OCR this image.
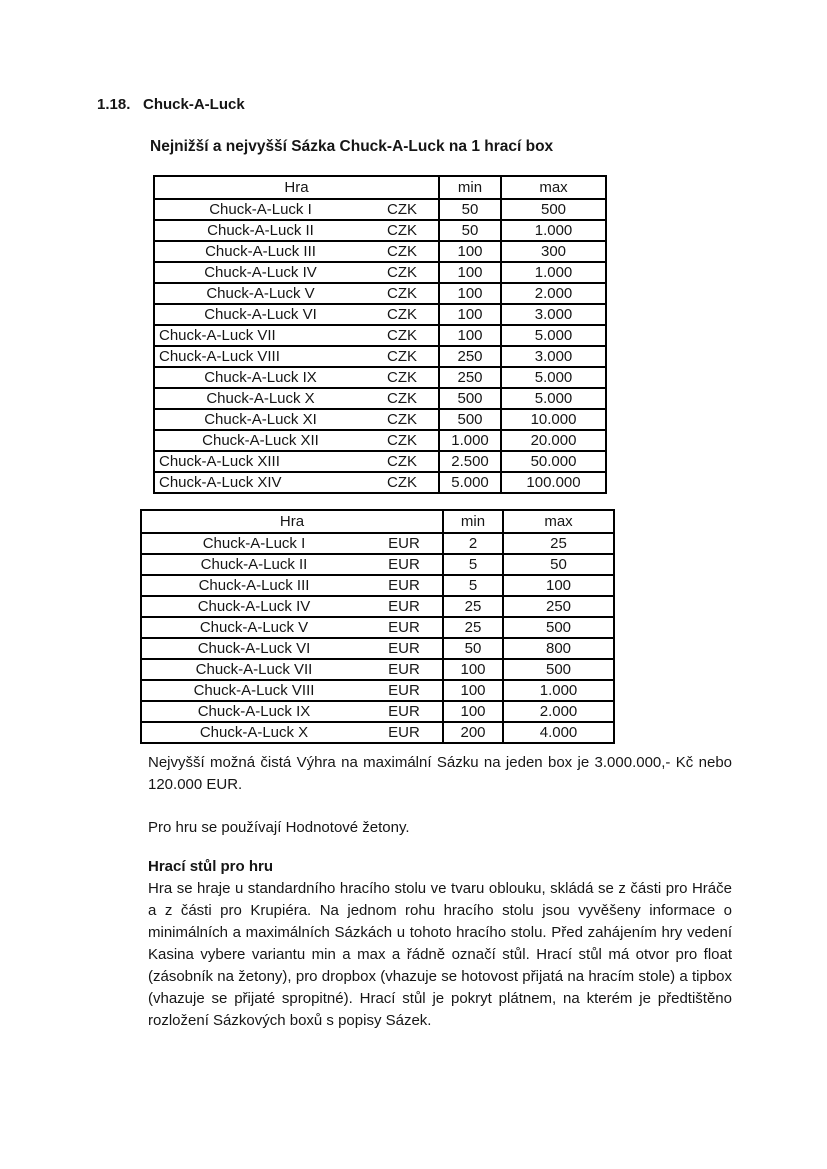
1.18. Chuck-A-Luck
Nejnižší a nejvyšší Sázka Chuck-A-Luck na 1 hrací box
Hra		min	max
Chuck-A-Luck I	CZK	50	500
Chuck-A-Luck II	CZK	50	1.000
Chuck-A-Luck III	CZK	100	300
Chuck-A-Luck IV	CZK	100	1.000
Chuck-A-Luck V	CZK	100	2.000
Chuck-A-Luck VI	CZK	100	3.000
Chuck-A-Luck VII	CZK	100	5.000
Chuck-A-Luck VIII	CZK	250	3.000
Chuck-A-Luck IX	CZK	250	5.000
Chuck-A-Luck X	CZK	500	5.000
Chuck-A-Luck XI	CZK	500	10.000
Chuck-A-Luck XII	CZK	1.000	20.000
Chuck-A-Luck XIII	CZK	2.500	50.000
Chuck-A-Luck XIV	CZK	5.000	100.000
Hra		min	max
Chuck-A-Luck I	EUR	2	25
Chuck-A-Luck II	EUR	5	50
Chuck-A-Luck III	EUR	5	100
Chuck-A-Luck IV	EUR	25	250
Chuck-A-Luck V	EUR	25	500
Chuck-A-Luck VI	EUR	50	800
Chuck-A-Luck VII	EUR	100	500
Chuck-A-Luck VIII	EUR	100	1.000
Chuck-A-Luck IX	EUR	100	2.000
Chuck-A-Luck X	EUR	200	4.000
Nejvyšší možná čistá Výhra na maximální Sázku na jeden box je 3.000.000,- Kč nebo 120.000 EUR.
Pro hru se používají Hodnotové žetony.
Hrací stůl pro hru
Hra se hraje u standardního hracího stolu ve tvaru oblouku, skládá se z části pro Hráče a z části pro Krupiéra. Na jednom rohu hracího stolu jsou vyvěšeny informace o minimálních a maximálních Sázkách u tohoto hracího stolu. Před zahájením hry vedení Kasina vybere variantu min a max a řádně označí stůl. Hrací stůl má otvor pro float (zásobník na žetony), pro dropbox (vhazuje se hotovost přijatá na hracím stole) a tipbox (vhazuje se přijaté spropitné). Hrací stůl je pokryt plátnem, na kterém je předtištěno rozložení Sázkových boxů s popisy Sázek.
